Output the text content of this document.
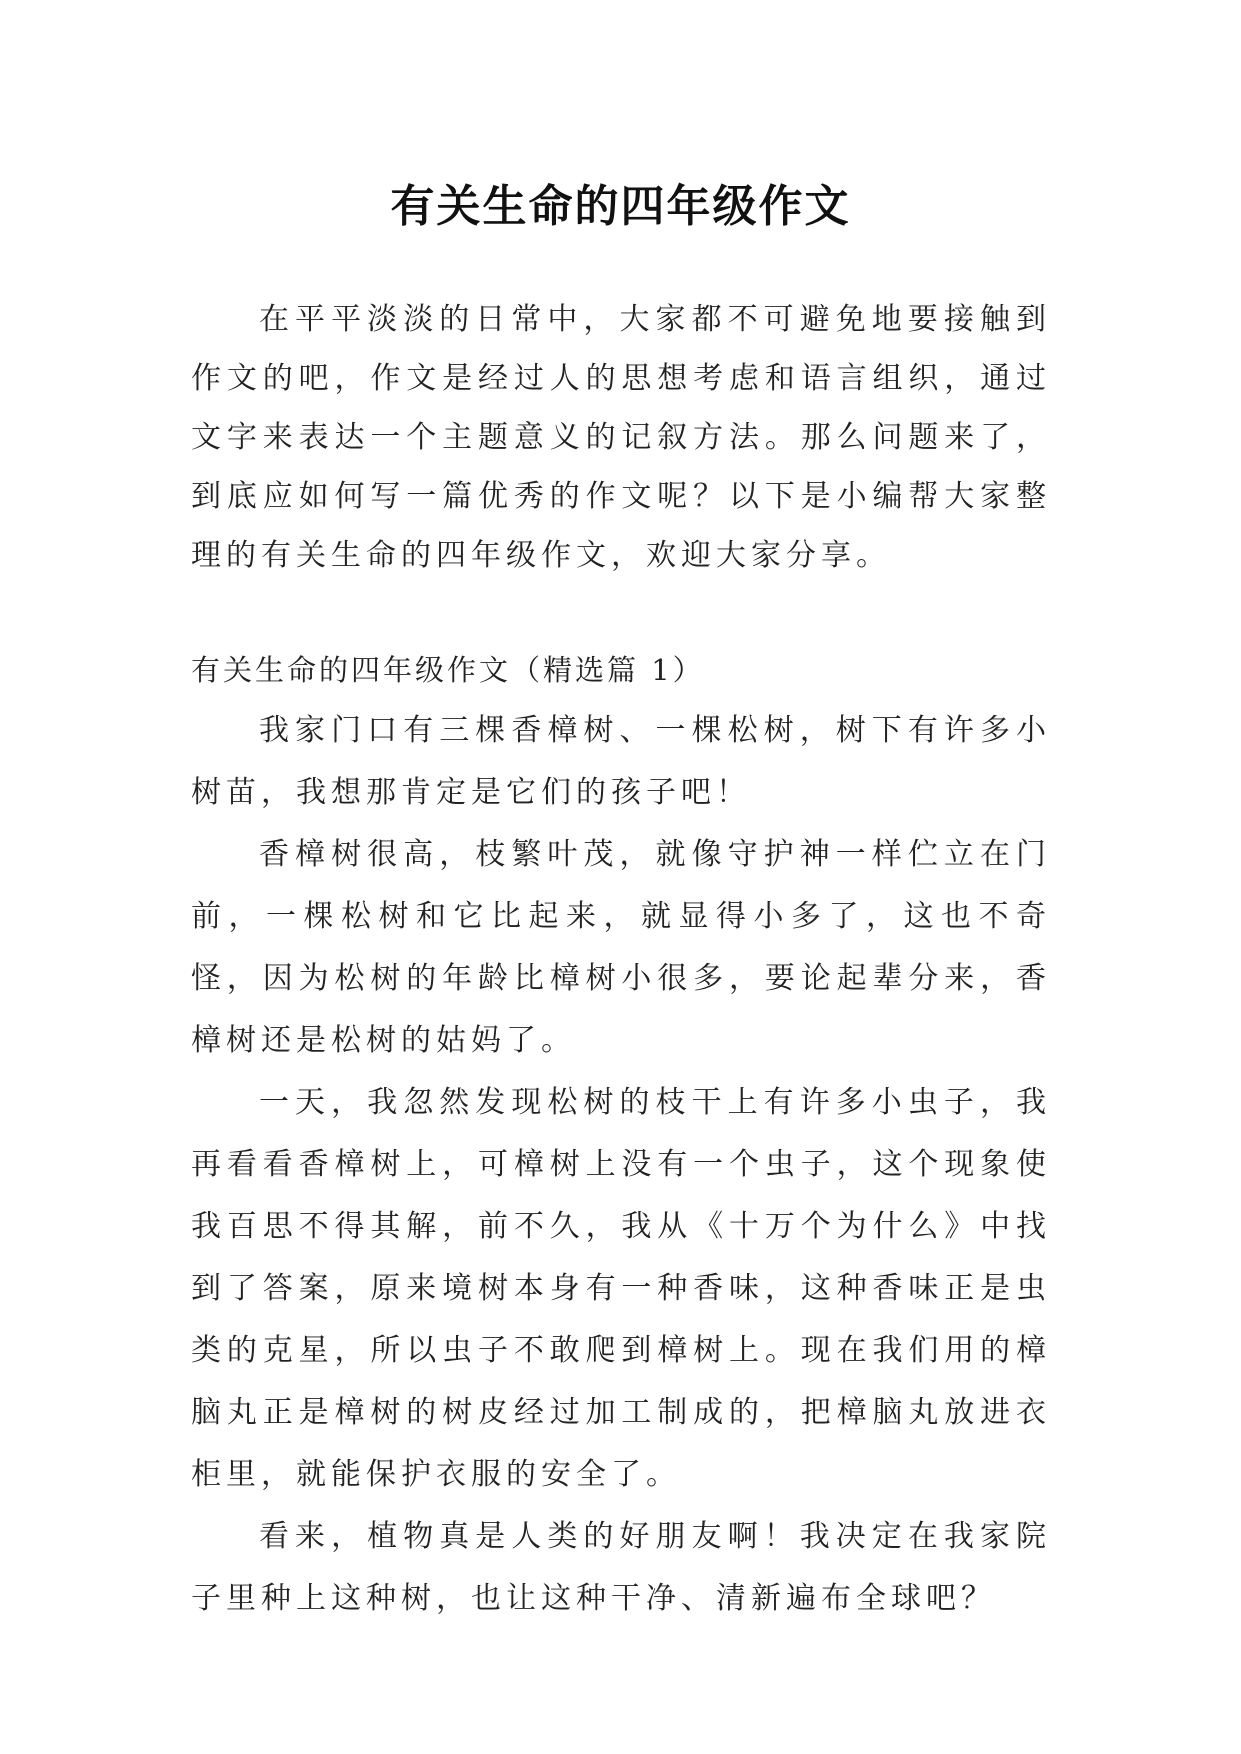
有关生命的四年级作文

在平平淡淡的日常中，大家都不可避免地要接触到作文的吧，作文是经过人的思想考虑和语言组织，通过文字来表达一个主题意义的记叙方法。那么问题来了，到底应如何写一篇优秀的作文呢？以下是小编帮大家整理的有关生命的四年级作文，欢迎大家分享。

有关生命的四年级作文（精选篇 1）

我家门口有三棵香樟树、一棵松树，树下有许多小树苗，我想那肯定是它们的孩子吧！

香樟树很高，枝繁叶茂，就像守护神一样伫立在门前，一棵松树和它比起来，就显得小多了，这也不奇怪，因为松树的年龄比樟树小很多，要论起辈分来，香樟树还是松树的姑妈了。

一天，我忽然发现松树的枝干上有许多小虫子，我再看看香樟树上，可樟树上没有一个虫子，这个现象使我百思不得其解，前不久，我从《十万个为什么》中找到了答案，原来境树本身有一种香味，这种香味正是虫类的克星，所以虫子不敢爬到樟树上。现在我们用的樟脑丸正是樟树的树皮经过加工制成的，把樟脑丸放进衣柜里，就能保护衣服的安全了。

看来，植物真是人类的好朋友啊！我决定在我家院子里种上这种树，也让这种干净、清新遍布全球吧？
